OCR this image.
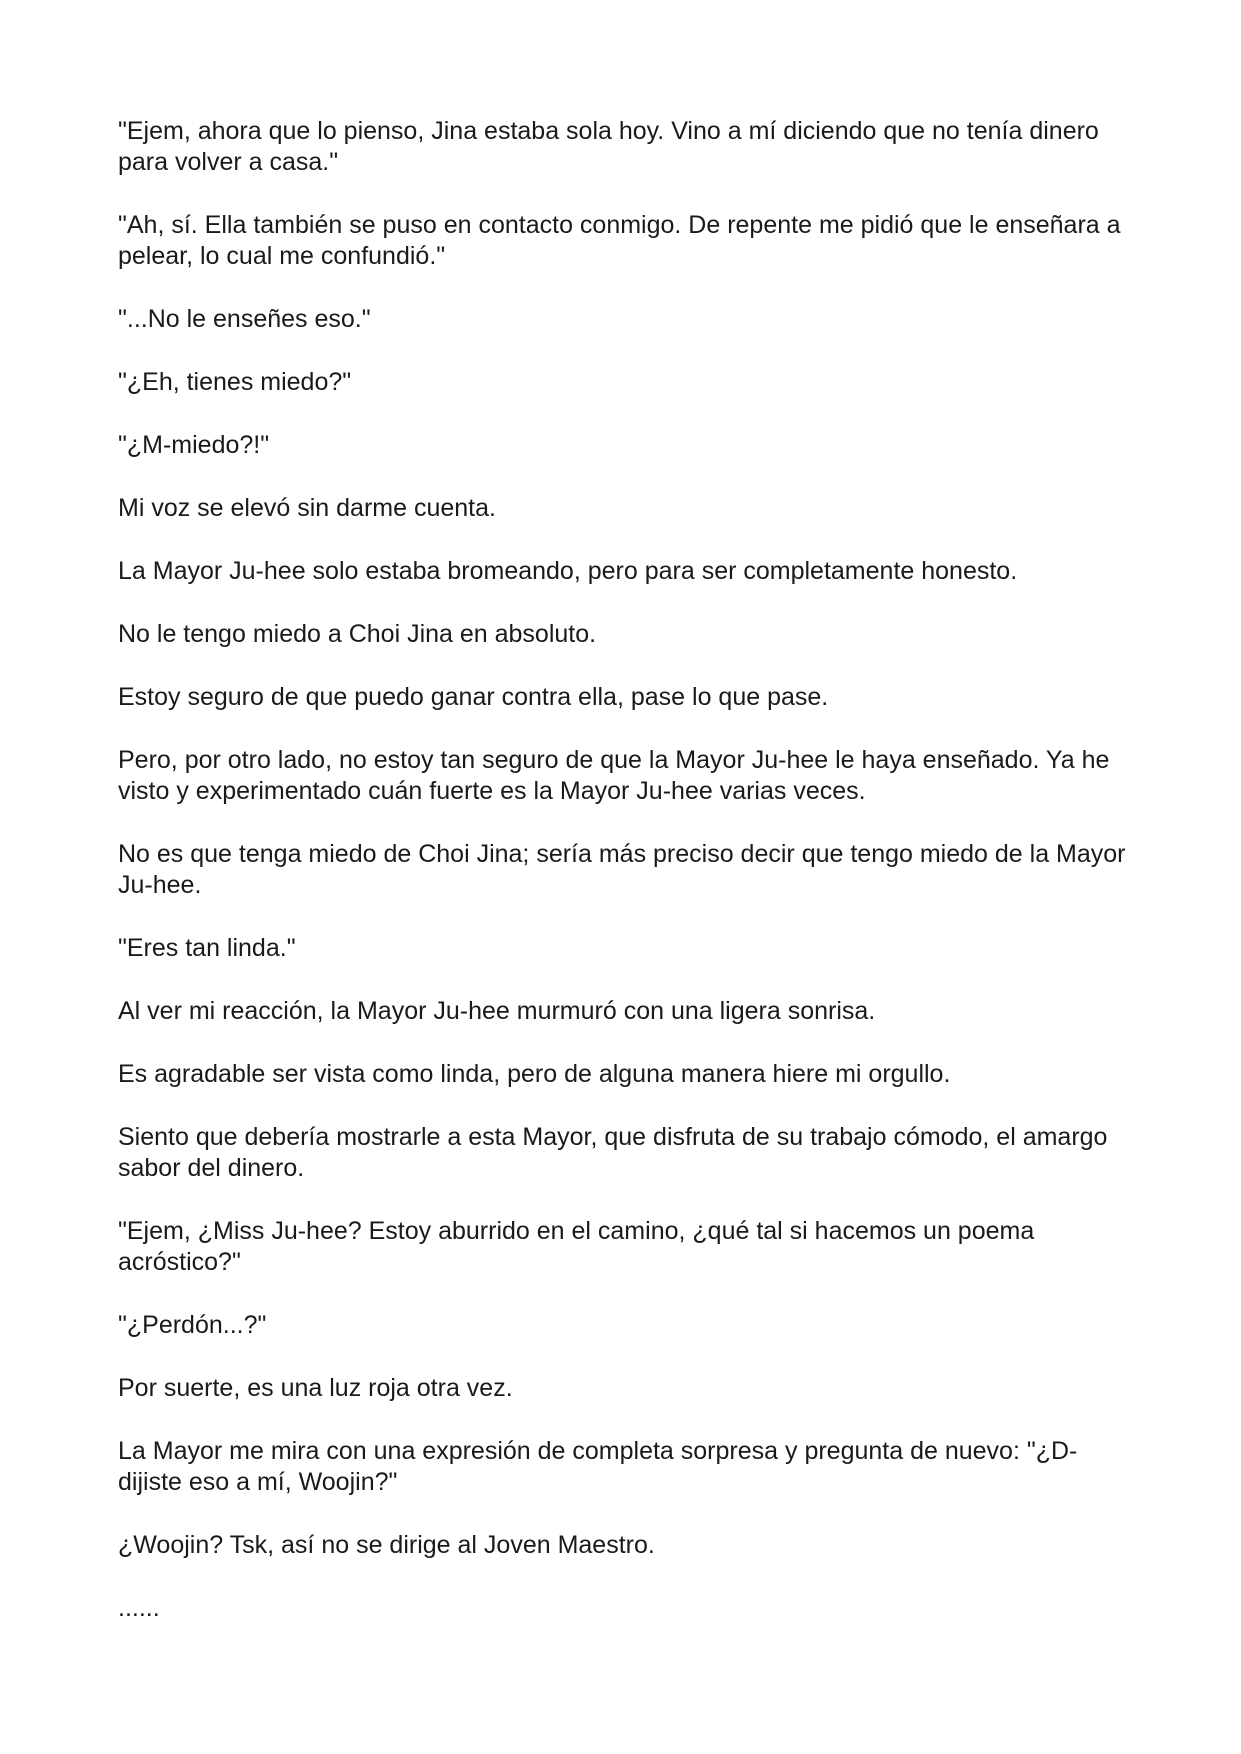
"Ejem, ahora que lo pienso, Jina estaba sola hoy. Vino a mí diciendo que no tenía dinero para volver a casa."

"Ah, sí. Ella también se puso en contacto conmigo. De repente me pidió que le enseñara a pelear, lo cual me confundió."

"...No le enseñes eso."

"¿Eh, tienes miedo?"

"¿M-miedo?!"

Mi voz se elevó sin darme cuenta.

La Mayor Ju-hee solo estaba bromeando, pero para ser completamente honesto.

No le tengo miedo a Choi Jina en absoluto.

Estoy seguro de que puedo ganar contra ella, pase lo que pase.

Pero, por otro lado, no estoy tan seguro de que la Mayor Ju-hee le haya enseñado. Ya he visto y experimentado cuán fuerte es la Mayor Ju-hee varias veces.

No es que tenga miedo de Choi Jina; sería más preciso decir que tengo miedo de la Mayor Ju-hee.

"Eres tan linda."

Al ver mi reacción, la Mayor Ju-hee murmuró con una ligera sonrisa.

Es agradable ser vista como linda, pero de alguna manera hiere mi orgullo.

Siento que debería mostrarle a esta Mayor, que disfruta de su trabajo cómodo, el amargo sabor del dinero.

"Ejem, ¿Miss Ju-hee? Estoy aburrido en el camino, ¿qué tal si hacemos un poema acróstico?"

"¿Perdón...?"

Por suerte, es una luz roja otra vez.

La Mayor me mira con una expresión de completa sorpresa y pregunta de nuevo: "¿D-dijiste eso a mí, Woojin?"

¿Woojin? Tsk, así no se dirige al Joven Maestro.

......
